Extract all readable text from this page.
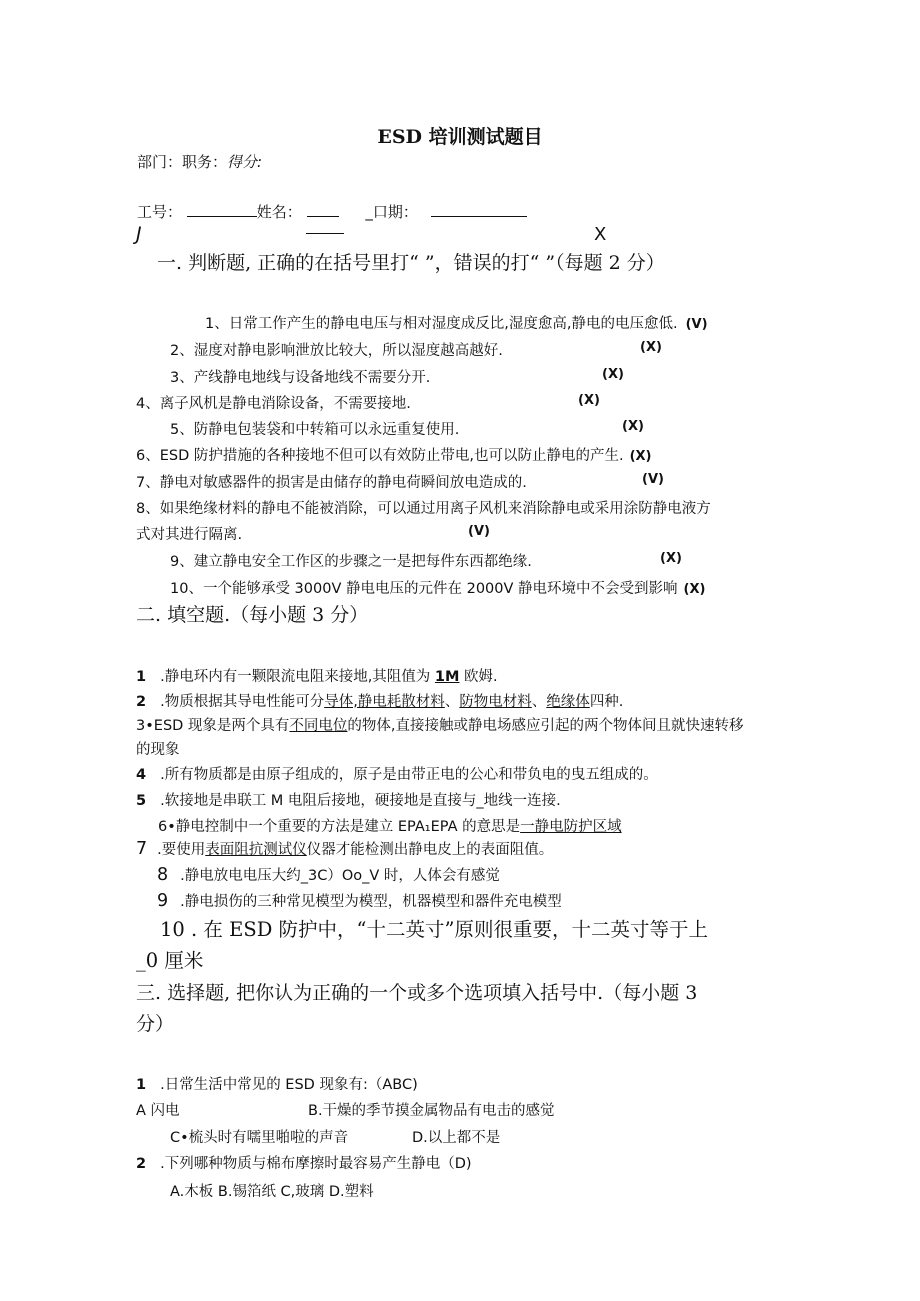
ESD 培训测试题目
部门：职务：得分:
工号：	姓名：	_口期：
J	X
一. 判断题, 正确的在括号里打“ ”，错误的打“ ”（每题 2 分）
1、日常工作产生的静电电压与相对湿度成反比,湿度愈高,静电的电压愈低. (V)
2、湿度对静电影响泄放比较大，所以湿度越高越好.	(X)
3、产线静电地线与设备地线不需要分开.	(X)
4、离子风机是静电消除设备，不需要接地.	(X)
5、防静电包装袋和中转箱可以永远重复使用.	(X)
6、ESD 防护措施的各种接地不但可以有效防止带电,也可以防止静电的产生. (X)
7、静电对敏感器件的损害是由储存的静电荷瞬间放电造成的.	(V)
8、如果绝缘材料的静电不能被消除，可以通过用离子风机来消除静电或采用涂防静电液方
式对其进行隔离.	(V)
9、建立静电安全工作区的步骤之一是把每件东西都绝缘.	(X)
10、一个能够承受 3000V 静电电压的元件在 2000V 静电环境中不会受到影响 (X)
二. 填空题.（每小题 3 分）
1 .静电环内有一颗限流电阻来接地,其阻值为 1M 欧姆.
2 .物质根据其导电性能可分导体,静电耗散材料、防物电材料、绝缘体四种.
3•ESD 现象是两个具有不同电位的物体,直接接触或静电场感应引起的两个物体间且就快速转移
的现象
4 .所有物质都是由原子组成的，原子是由带正电的公心和带负电的曳五组成的。
5 .软接地是串联工 M 电阻后接地，硬接地是直接与_地线一连接.
6•静电控制中一个重要的方法是建立 EPA₁EPA 的意思是一静电防护区域
7 .要使用表面阻抗测试仪仪器才能检测出静电皮上的表面阻值。
8 .静电放电电压大约_3C）Oo_V 时，人体会有感觉
9 .静电损伤的三种常见模型为模型，机器模型和器件充电模型
10 . 在 ESD 防护中，“十二英寸”原则很重要，十二英寸等于上
_0 厘米
三. 选择题, 把你认为正确的一个或多个选项填入括号中.（每小题 3
分）
1 .日常生活中常见的 ESD 现象有:（ABC)
A 闪电	B.干燥的季节摸金属物品有电击的感觉
C•梳头时有嚅里啪啦的声音	D.以上都不是
2 .下列哪种物质与棉布摩擦时最容易产生静电（D)
A.木板 B.锡箔纸 C,玻璃 D.塑料
